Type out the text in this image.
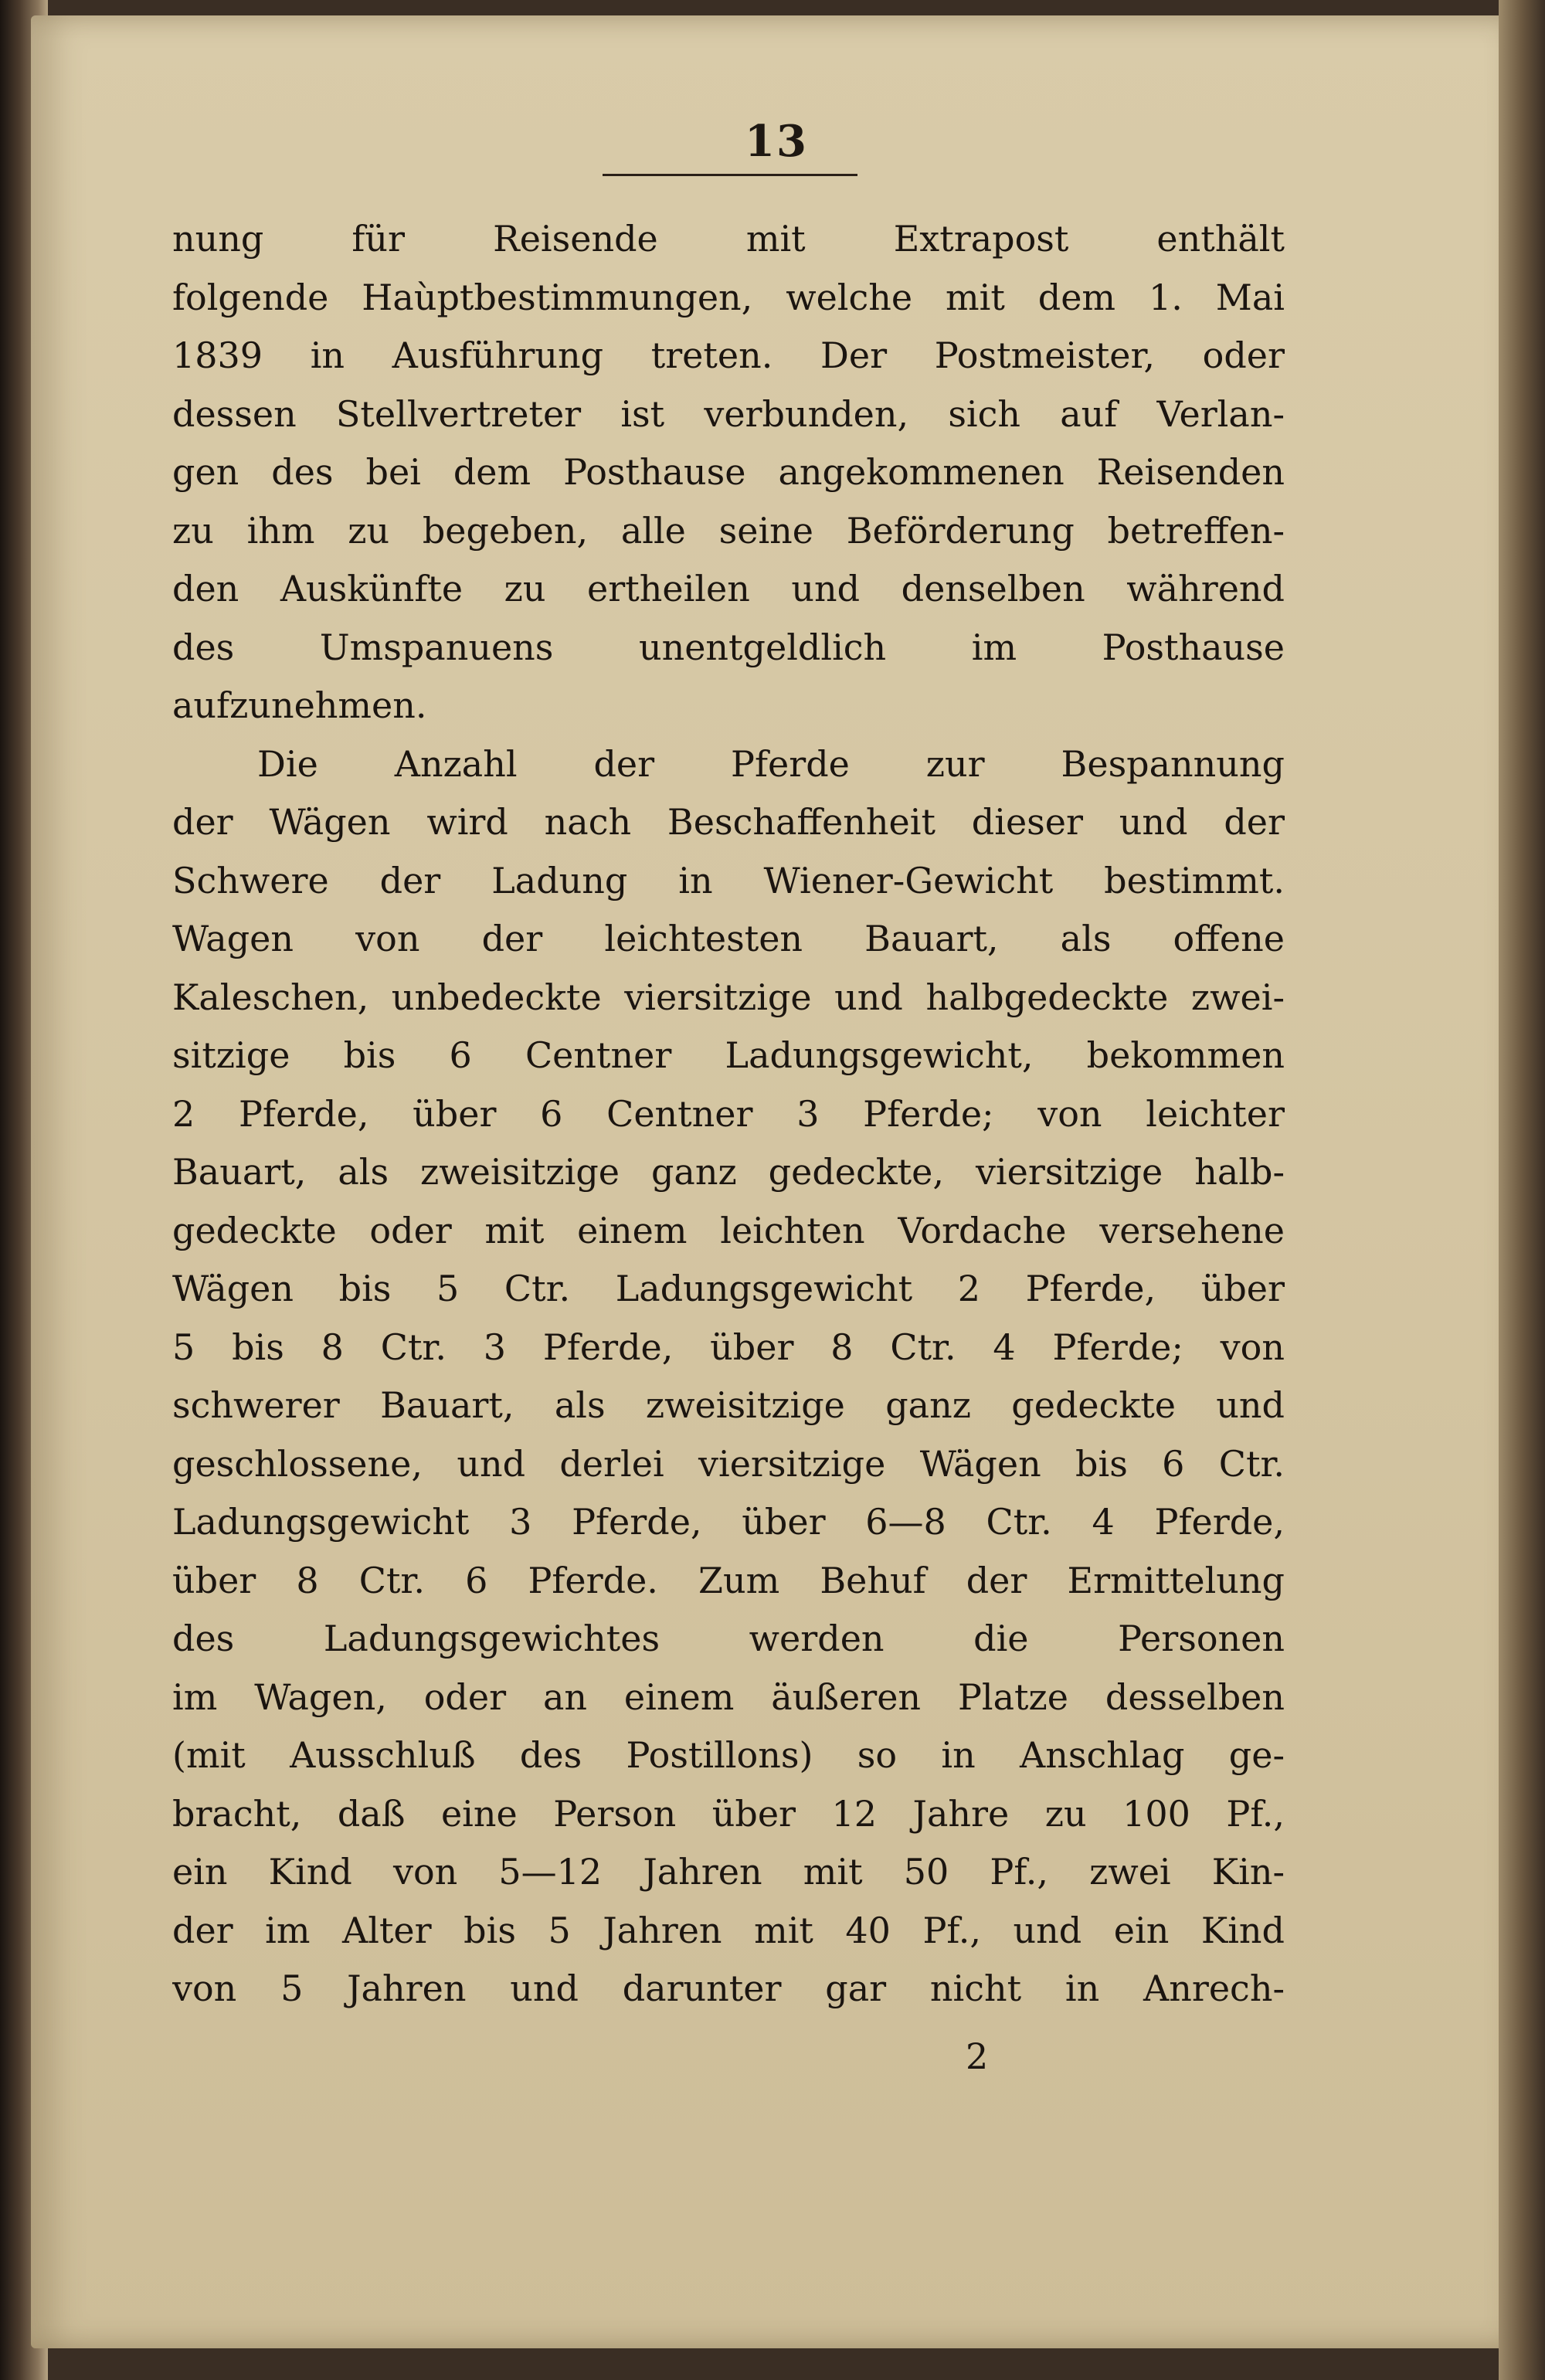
13
nung für Reisende mit Extrapost enthält
folgende Haùptbestimmungen, welche mit dem 1. Mai
1839 in Ausführung treten. Der Postmeister, oder
dessen Stellvertreter ist verbunden, sich auf Verlan-
gen des bei dem Posthause angekommenen Reisenden
zu ihm zu begeben, alle seine Beförderung betreffen-
den Auskünfte zu ertheilen und denselben während
des Umspanuens unentgeldlich im Posthause
aufzunehmen.
Die Anzahl der Pferde zur Bespannung
der Wägen wird nach Beschaffenheit dieser und der
Schwere der Ladung in Wiener-Gewicht bestimmt.
Wagen von der leichtesten Bauart, als offene
Kaleschen, unbedeckte viersitzige und halbgedeckte zwei-
sitzige bis 6 Centner Ladungsgewicht, bekommen
2 Pferde, über 6 Centner 3 Pferde; von leichter
Bauart, als zweisitzige ganz gedeckte, viersitzige halb-
gedeckte oder mit einem leichten Vordache versehene
Wägen bis 5 Ctr. Ladungsgewicht 2 Pferde, über
5 bis 8 Ctr. 3 Pferde, über 8 Ctr. 4 Pferde; von
schwerer Bauart, als zweisitzige ganz gedeckte und
geschlossene, und derlei viersitzige Wägen bis 6 Ctr.
Ladungsgewicht 3 Pferde, über 6—8 Ctr. 4 Pferde,
über 8 Ctr. 6 Pferde. Zum Behuf der Ermittelung
des Ladungsgewichtes werden die Personen
im Wagen, oder an einem äußeren Platze desselben
(mit Ausschluß des Postillons) so in Anschlag ge-
bracht, daß eine Person über 12 Jahre zu 100 Pf.,
ein Kind von 5—12 Jahren mit 50 Pf., zwei Kin-
der im Alter bis 5 Jahren mit 40 Pf., und ein Kind
von 5 Jahren und darunter gar nicht in Anrech-
2
